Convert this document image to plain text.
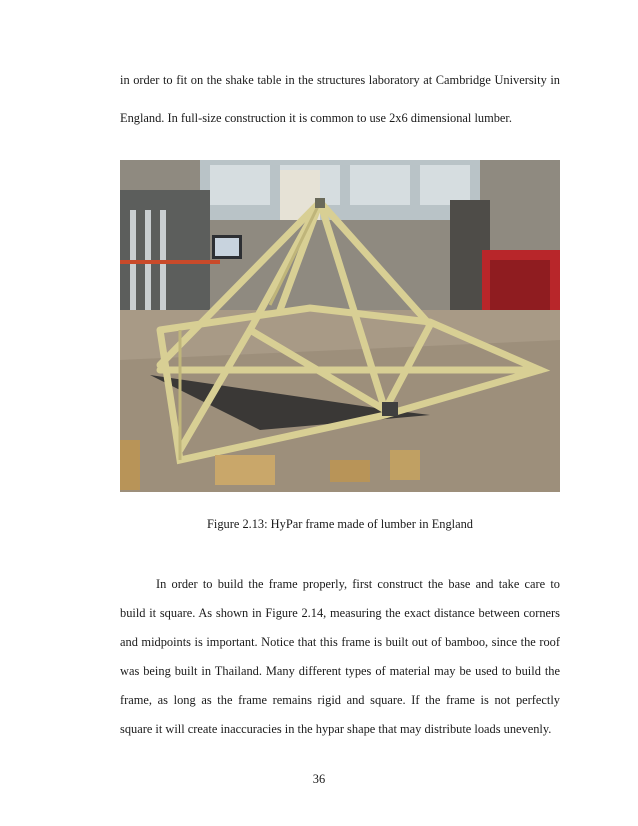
in order to fit on the shake table in the structures laboratory at Cambridge University in
England. In full-size construction it is common to use 2x6 dimensional lumber.
Figure 2.13: HyPar frame made of lumber in England
In order to build the frame properly, first construct the base and take care to
build it square. As shown in Figure 2.14, measuring the exact distance between corners
and midpoints is important. Notice that this frame is built out of bamboo, since the roof
was being built in Thailand. Many different types of material may be used to build the
frame, as long as the frame remains rigid and square. If the frame is not perfectly
square it will create inaccuracies in the hypar shape that may distribute loads unevenly.
36
